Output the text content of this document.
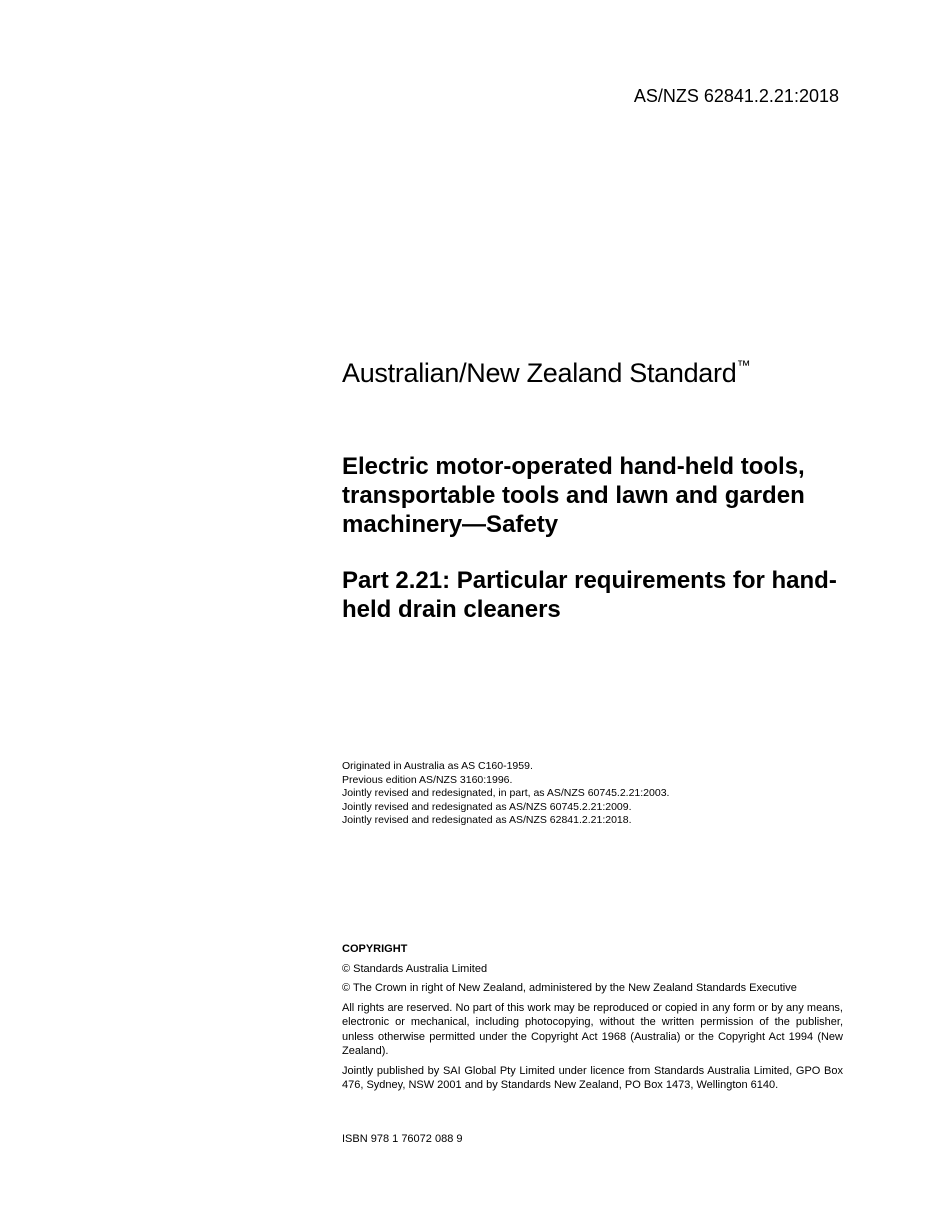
AS/NZS 62841.2.21:2018
Australian/New Zealand Standard™
Electric motor-operated hand-held tools, transportable tools and lawn and garden machinery—Safety
Part 2.21: Particular requirements for hand-held drain cleaners
Originated in Australia as AS C160-1959.
Previous edition AS/NZS 3160:1996.
Jointly revised and redesignated, in part, as AS/NZS 60745.2.21:2003.
Jointly revised and redesignated as AS/NZS 60745.2.21:2009.
Jointly revised and redesignated as AS/NZS 62841.2.21:2018.
COPYRIGHT

© Standards Australia Limited

© The Crown in right of New Zealand, administered by the New Zealand Standards Executive

All rights are reserved. No part of this work may be reproduced or copied in any form or by any means, electronic or mechanical, including photocopying, without the written permission of the publisher, unless otherwise permitted under the Copyright Act 1968 (Australia) or the Copyright Act 1994 (New Zealand).

Jointly published by SAI Global Pty Limited under licence from Standards Australia Limited, GPO Box 476, Sydney, NSW 2001 and by Standards New Zealand, PO Box 1473, Wellington 6140.

ISBN 978 1 76072 088 9
